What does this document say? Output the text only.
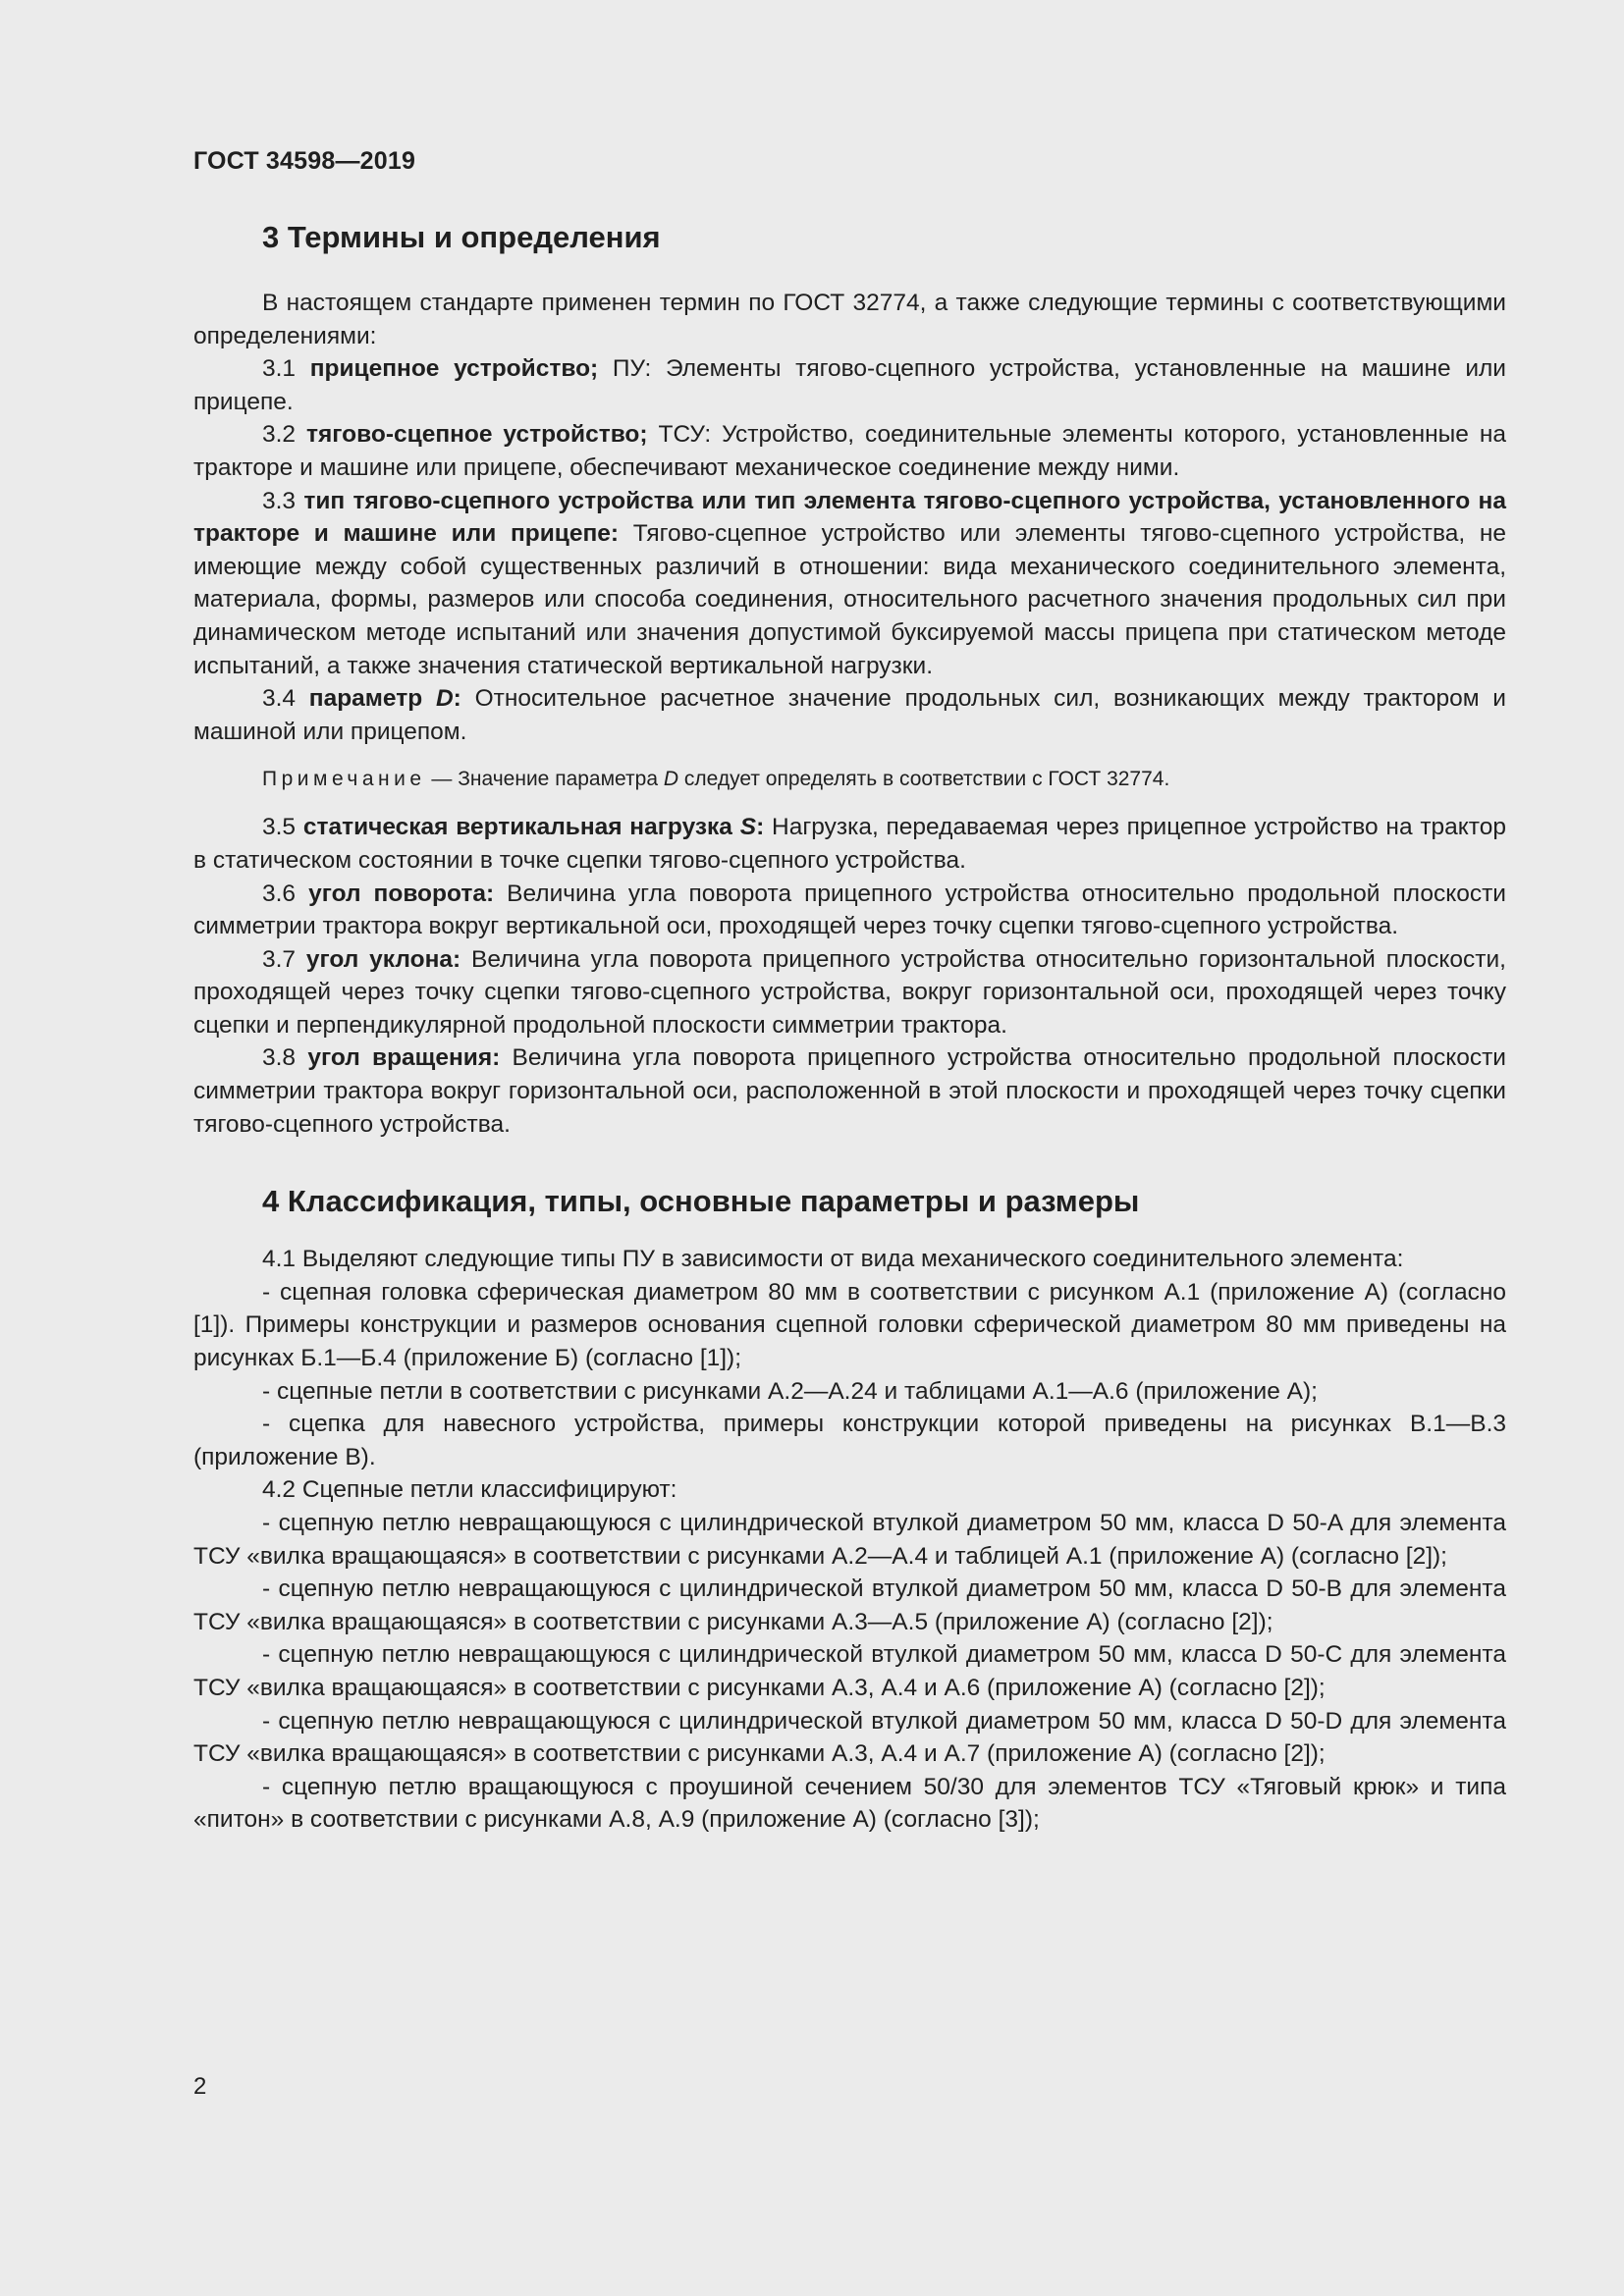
ГОСТ 34598—2019
3 Термины и определения

В настоящем стандарте применен термин по ГОСТ 32774, а также следующие термины с соответствующими определениями:

3.1 прицепное устройство; ПУ: Элементы тягово-сцепного устройства, установленные на машине или прицепе.

3.2 тягово-сцепное устройство; ТСУ: Устройство, соединительные элементы которого, установленные на тракторе и машине или прицепе, обеспечивают механическое соединение между ними.

3.3 тип тягово-сцепного устройства или тип элемента тягово-сцепного устройства, установленного на тракторе и машине или прицепе: Тягово-сцепное устройство или элементы тягово-сцепного устройства, не имеющие между собой существенных различий в отношении: вида механического соединительного элемента, материала, формы, размеров или способа соединения, относительного расчетного значения продольных сил при динамическом методе испытаний или значения допустимой буксируемой массы прицепа при статическом методе испытаний, а также значения статической вертикальной нагрузки.

3.4 параметр D: Относительное расчетное значение продольных сил, возникающих между трактором и машиной или прицепом.

Примечание — Значение параметра D следует определять в соответствии с ГОСТ 32774.

3.5 статическая вертикальная нагрузка S: Нагрузка, передаваемая через прицепное устройство на трактор в статическом состоянии в точке сцепки тягово-сцепного устройства.

3.6 угол поворота: Величина угла поворота прицепного устройства относительно продольной плоскости симметрии трактора вокруг вертикальной оси, проходящей через точку сцепки тягово-сцепного устройства.

3.7 угол уклона: Величина угла поворота прицепного устройства относительно горизонтальной плоскости, проходящей через точку сцепки тягово-сцепного устройства, вокруг горизонтальной оси, проходящей через точку сцепки и перпендикулярной продольной плоскости симметрии трактора.

3.8 угол вращения: Величина угла поворота прицепного устройства относительно продольной плоскости симметрии трактора вокруг горизонтальной оси, расположенной в этой плоскости и проходящей через точку сцепки тягово-сцепного устройства.

4 Классификация, типы, основные параметры и размеры

4.1 Выделяют следующие типы ПУ в зависимости от вида механического соединительного элемента:

- сцепная головка сферическая диаметром 80 мм в соответствии с рисунком А.1 (приложение А) (согласно [1]). Примеры конструкции и размеров основания сцепной головки сферической диаметром 80 мм приведены на рисунках Б.1—Б.4 (приложение Б) (согласно [1]);

- сцепные петли в соответствии с рисунками А.2—А.24 и таблицами А.1—А.6 (приложение А);

- сцепка для навесного устройства, примеры конструкции которой приведены на рисунках В.1—В.3 (приложение В).

4.2 Сцепные петли классифицируют:

- сцепную петлю невращающуюся с цилиндрической втулкой диаметром 50 мм, класса D 50-A для элемента ТСУ «вилка вращающаяся» в соответствии с рисунками А.2—А.4 и таблицей А.1 (приложение А) (согласно [2]);

- сцепную петлю невращающуюся с цилиндрической втулкой диаметром 50 мм, класса D 50-B для элемента ТСУ «вилка вращающаяся» в соответствии с рисунками А.3—А.5 (приложение А) (согласно [2]);

- сцепную петлю невращающуюся с цилиндрической втулкой диаметром 50 мм, класса D 50-C для элемента ТСУ «вилка вращающаяся» в соответствии с рисунками А.3, А.4 и А.6 (приложение А) (согласно [2]);

- сцепную петлю невращающуюся с цилиндрической втулкой диаметром 50 мм, класса D 50-D для элемента ТСУ «вилка вращающаяся» в соответствии с рисунками А.3, А.4 и А.7 (приложение А) (согласно [2]);

- сцепную петлю вращающуюся с проушиной сечением 50/30 для элементов ТСУ «Тяговый крюк» и типа «питон» в соответствии с рисунками А.8, А.9 (приложение А) (согласно [3]);

2
